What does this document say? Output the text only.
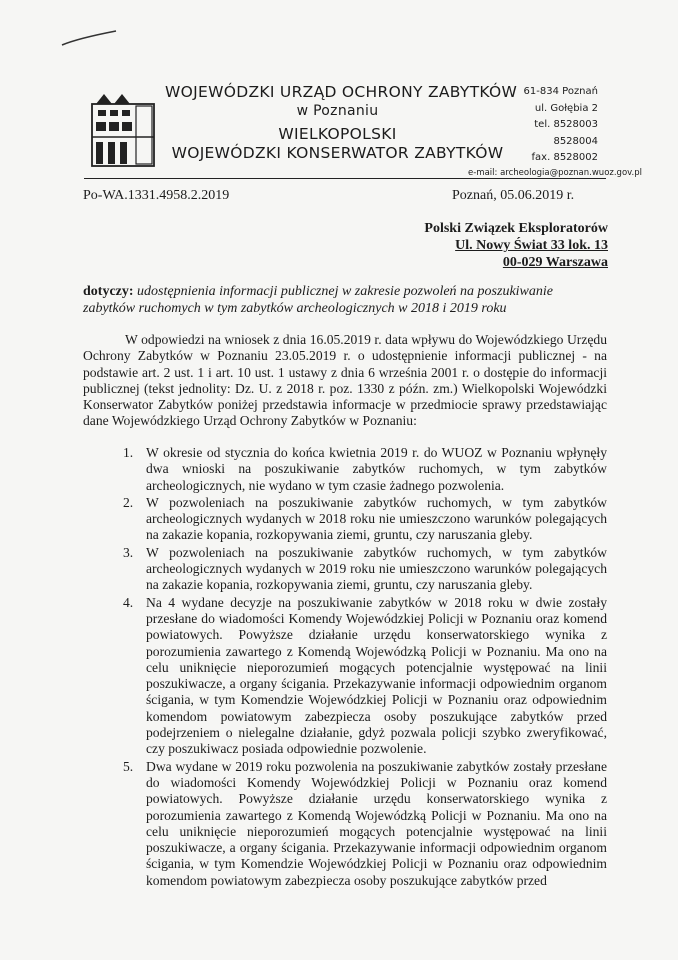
WOJEWÓDZKI URZĄD OCHRONY ZABYTKÓW
w Poznaniu
WIELKOPOLSKI
WOJEWÓDZKI KONSERWATOR ZABYTKÓW
61-834 Poznań
ul. Gołębia 2
tel. 8528003
8528004
fax. 8528002
e-mail: archeologia@poznan.wuoz.gov.pl
Po-WA.1331.4958.2.2019	Poznań, 05.06.2019 r.
Polski Związek Eksploratorów
Ul. Nowy Świat 33 lok. 13
00-029 Warszawa
dotyczy: udostępnienia informacji publicznej w zakresie pozwoleń na poszukiwanie zabytków ruchomych w tym zabytków archeologicznych w 2018 i 2019 roku
W odpowiedzi na wniosek z dnia 16.05.2019 r. data wpływu do Wojewódzkiego Urzędu Ochrony Zabytków w Poznaniu 23.05.2019 r. o udostępnienie informacji publicznej - na podstawie art. 2 ust. 1 i art. 10 ust. 1 ustawy z dnia 6 września 2001 r. o dostępie do informacji publicznej (tekst jednolity: Dz. U. z 2018 r. poz. 1330 z późn. zm.) Wielkopolski Wojewódzki Konserwator Zabytków poniżej przedstawia informacje w przedmiocie sprawy przedstawiając dane Wojewódzkiego Urząd Ochrony Zabytków w Poznaniu:
1. W okresie od stycznia do końca kwietnia 2019 r. do WUOZ w Poznaniu wpłynęły dwa wnioski na poszukiwanie zabytków ruchomych, w tym zabytków archeologicznych, nie wydano w tym czasie żadnego pozwolenia.
2. W pozwoleniach na poszukiwanie zabytków ruchomych, w tym zabytków archeologicznych wydanych w 2018 roku nie umieszczono warunków polegających na zakazie kopania, rozkopywania ziemi, gruntu, czy naruszania gleby.
3. W pozwoleniach na poszukiwanie zabytków ruchomych, w tym zabytków archeologicznych wydanych w 2019 roku nie umieszczono warunków polegających na zakazie kopania, rozkopywania ziemi, gruntu, czy naruszania gleby.
4. Na 4 wydane decyzje na poszukiwanie zabytków w 2018 roku w dwie zostały przesłane do wiadomości Komendy Wojewódzkiej Policji w Poznaniu oraz komend powiatowych. Powyższe działanie urzędu konserwatorskiego wynika z porozumienia zawartego z Komendą Wojewódzką Policji w Poznaniu. Ma ono na celu uniknięcie nieporozumień mogących potencjalnie występować na linii poszukiwacze, a organy ścigania. Przekazywanie informacji odpowiednim organom ścigania, w tym Komendzie Wojewódzkiej Policji w Poznaniu oraz odpowiednim komendom powiatowym zabezpiecza osoby poszukujące zabytków przed podejrzeniem o nielegalne działanie, gdyż pozwala policji szybko zweryfikować, czy poszukiwacz posiada odpowiednie pozwolenie.
5. Dwa wydane w 2019 roku pozwolenia na poszukiwanie zabytków zostały przesłane do wiadomości Komendy Wojewódzkiej Policji w Poznaniu oraz komend powiatowych. Powyższe działanie urzędu konserwatorskiego wynika z porozumienia zawartego z Komendą Wojewódzką Policji w Poznaniu. Ma ono na celu uniknięcie nieporozumień mogących potencjalnie występować na linii poszukiwacze, a organy ścigania. Przekazywanie informacji odpowiednim organom ścigania, w tym Komendzie Wojewódzkiej Policji w Poznaniu oraz odpowiednim komendom powiatowym zabezpiecza osoby poszukujące zabytków przed
